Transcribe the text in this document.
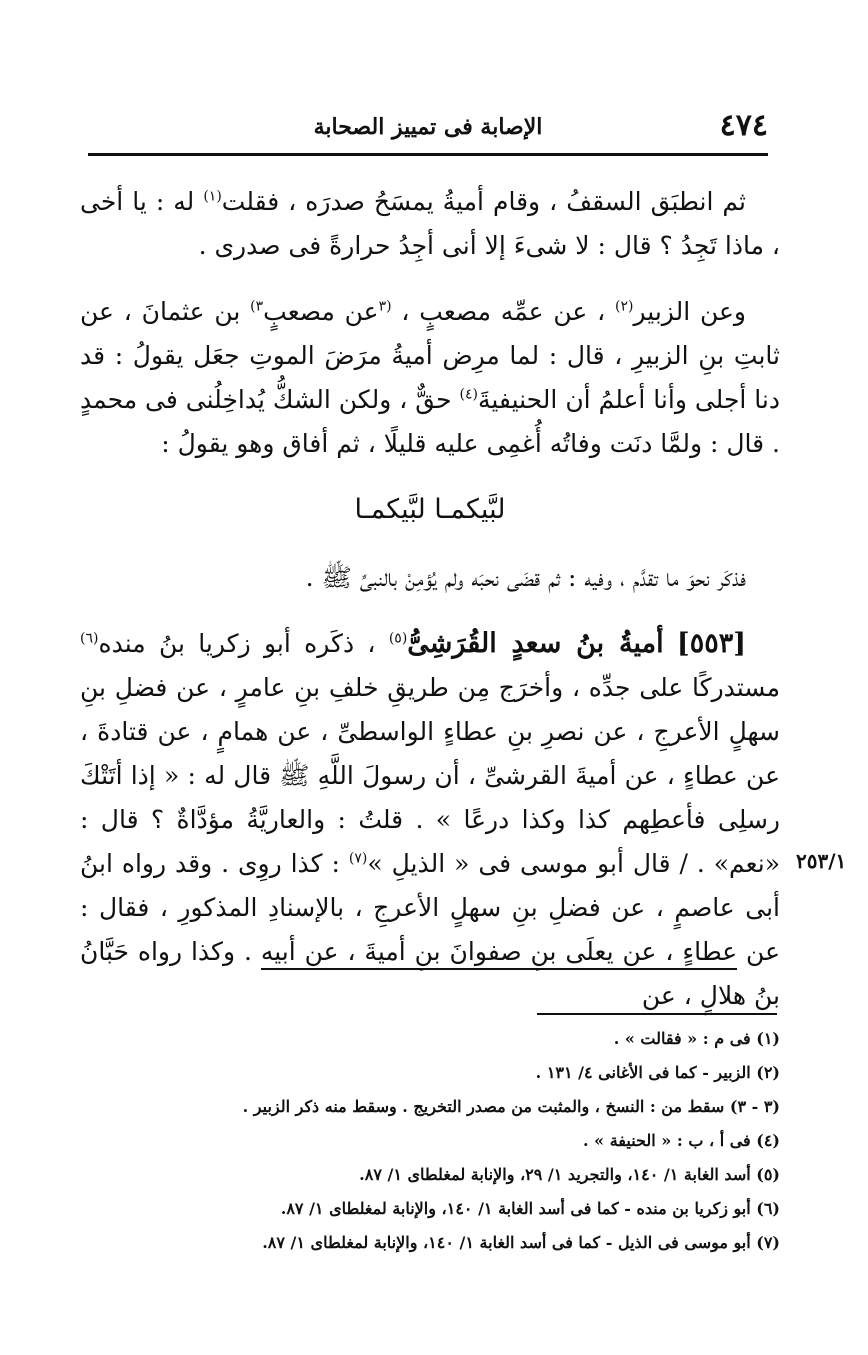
٤٧٤
الإصابة فى تمييز الصحابة

ثم انطبَق السقفُ ، وقام أميةُ يمسَحُ صدرَه ، فقلت$^{(١)}$ له : يا أخى ، ماذا تَجِدُ ؟ قال : لا شىءَ إلا أنى أجِدُ حرارةً فى صدرى .

وعن الزبير$^{(٢)}$ ، عن عمِّه مصعبٍ ، $^{(٣}$عن مصعبٍ$^{٣)}$ بن عثمانَ ، عن ثابتِ بنِ الزبيرِ ، قال : لما مرِض أميةُ مرَضَ الموتِ جعَل يقولُ : قد دنا أجلى وأنا أعلمُ أن الحنيفيةَ$^{(٤)}$ حقٌّ ، ولكن الشكُّ يُداخِلُنى فى محمدٍ . قال : ولمَّا دنَت وفاتُه أُغمِى عليه قليلًا ، ثم أفاق وهو يقولُ :

لبَّيكمـا لبَّيكمـا

فذكَر نحوَ ما تقدَّم ، وفيه : ثم قضَى نحبَه ولم يُؤمِنْ بالنبىِّ ﷺ .

[٥٥٣] أميةُ بنُ سعدٍ القُرَشِىُّ$^{(٥)}$ ، ذكَره أبو زكريا بنُ منده$^{(٦)}$ مستدركًا على جدِّه ، وأخرَج مِن طريقِ خلفِ بنِ عامرٍ ، عن فضلِ بنِ سهلٍ الأعرجِ ، عن نصرِ بنِ عطاءٍ الواسطىِّ ، عن همامٍ ، عن قتادةَ ، عن عطاءٍ ، عن أميةَ القرشىِّ ، أن رسولَ اللَّهِ ﷺ قال له : « إذا أتَتْكَ رسلِى فأعطِهم كذا وكذا درعًا » . قلتُ : والعاريَّةُ مؤدَّاةٌ ؟ قال : «نعم» . / قال أبو موسى فى « الذيلِ »$^{(٧)}$ : كذا روِى . وقد رواه ابنُ أبى عاصمٍ ، عن فضلِ بنِ سهلٍ الأعرجِ ، بالإسنادِ المذكورِ ، فقال : عن عطاءٍ ، عن يعلَى بنِ صفوانَ بنِ أميةَ ، عن أبيه . وكذا رواه حَبَّانُ بنُ هلالٍ ، عن

٢٥٣/١
(١) فى م : « فقالت » .
(٢) الزبير - كما فى الأغانى ٤/ ١٣١ .
(٣ - ٣) سقط من : النسخ ، والمثبت من مصدر التخريج . وسقط منه ذكر الزبير .
(٤) فى أ ، ب : « الحنيفة » .
(٥) أسد الغابة ١/ ١٤٠، والتجريد ١/ ٢٩، والإنابة لمغلطاى ١/ ٨٧.
(٦) أبو زكريا بن منده - كما فى أسد الغابة ١/ ١٤٠، والإنابة لمغلطاى ١/ ٨٧.
(٧) أبو موسى فى الذيل - كما فى أسد الغابة ١/ ١٤٠، والإنابة لمغلطاى ١/ ٨٧.
